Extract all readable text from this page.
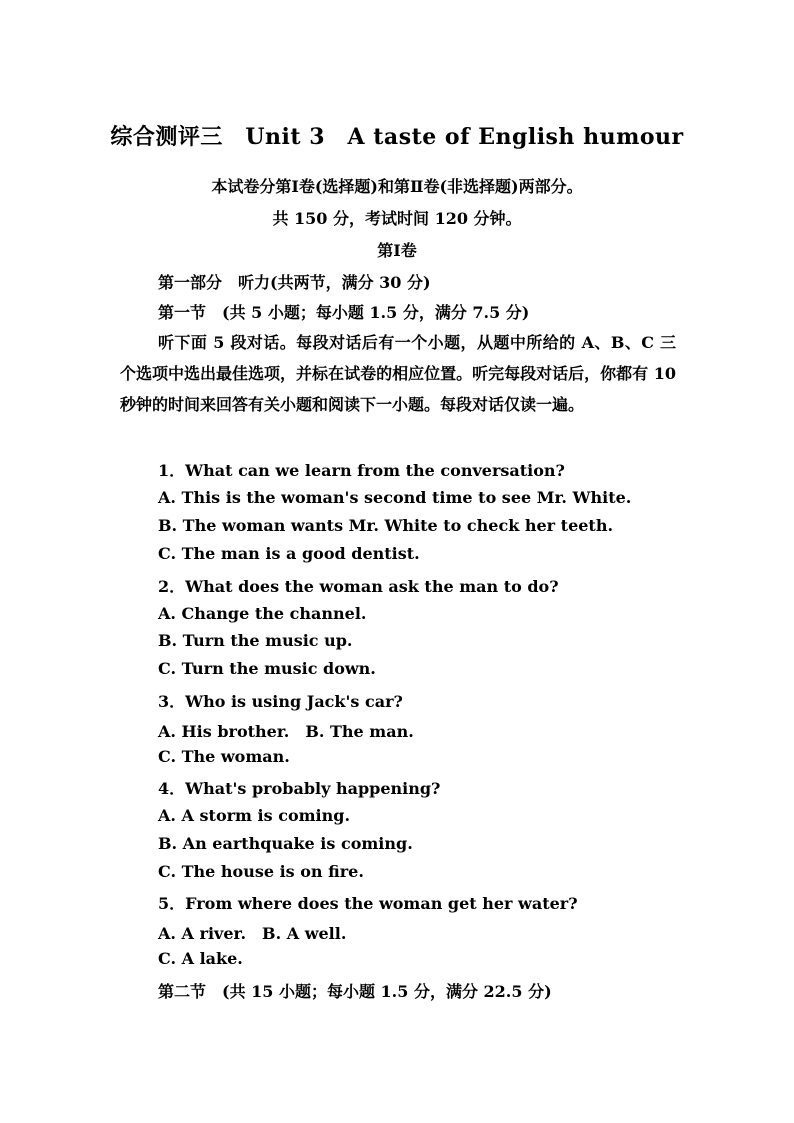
综合测评三　Unit 3　A taste of English humour
本试卷分第Ⅰ卷(选择题)和第Ⅱ卷(非选择题)两部分。
共 150 分，考试时间 120 分钟。
第Ⅰ卷
第一部分　听力(共两节，满分 30 分)
第一节　(共 5 小题；每小题 1.5 分，满分 7.5 分)
听下面 5 段对话。每段对话后有一个小题，从题中所给的 A、B、C 三个选项中选出最佳选项，并标在试卷的相应位置。听完每段对话后，你都有 10 秒钟的时间来回答有关小题和阅读下一小题。每段对话仅读一遍。
1．What can we learn from the conversation?
A. This is the woman's second time to see Mr. White.
B. The woman wants Mr. White to check her teeth.
C. The man is a good dentist.
2．What does the woman ask the man to do?
A. Change the channel.
B. Turn the music up.
C. Turn the music down.
3．Who is using Jack's car?
A. His brother.　B. The man.
C. The woman.
4．What's probably happening?
A. A storm is coming.
B. An earthquake is coming.
C. The house is on fire.
5．From where does the woman get her water?
A. A river.　B. A well.
C. A lake.
第二节　(共 15 小题；每小题 1.5 分，满分 22.5 分)
